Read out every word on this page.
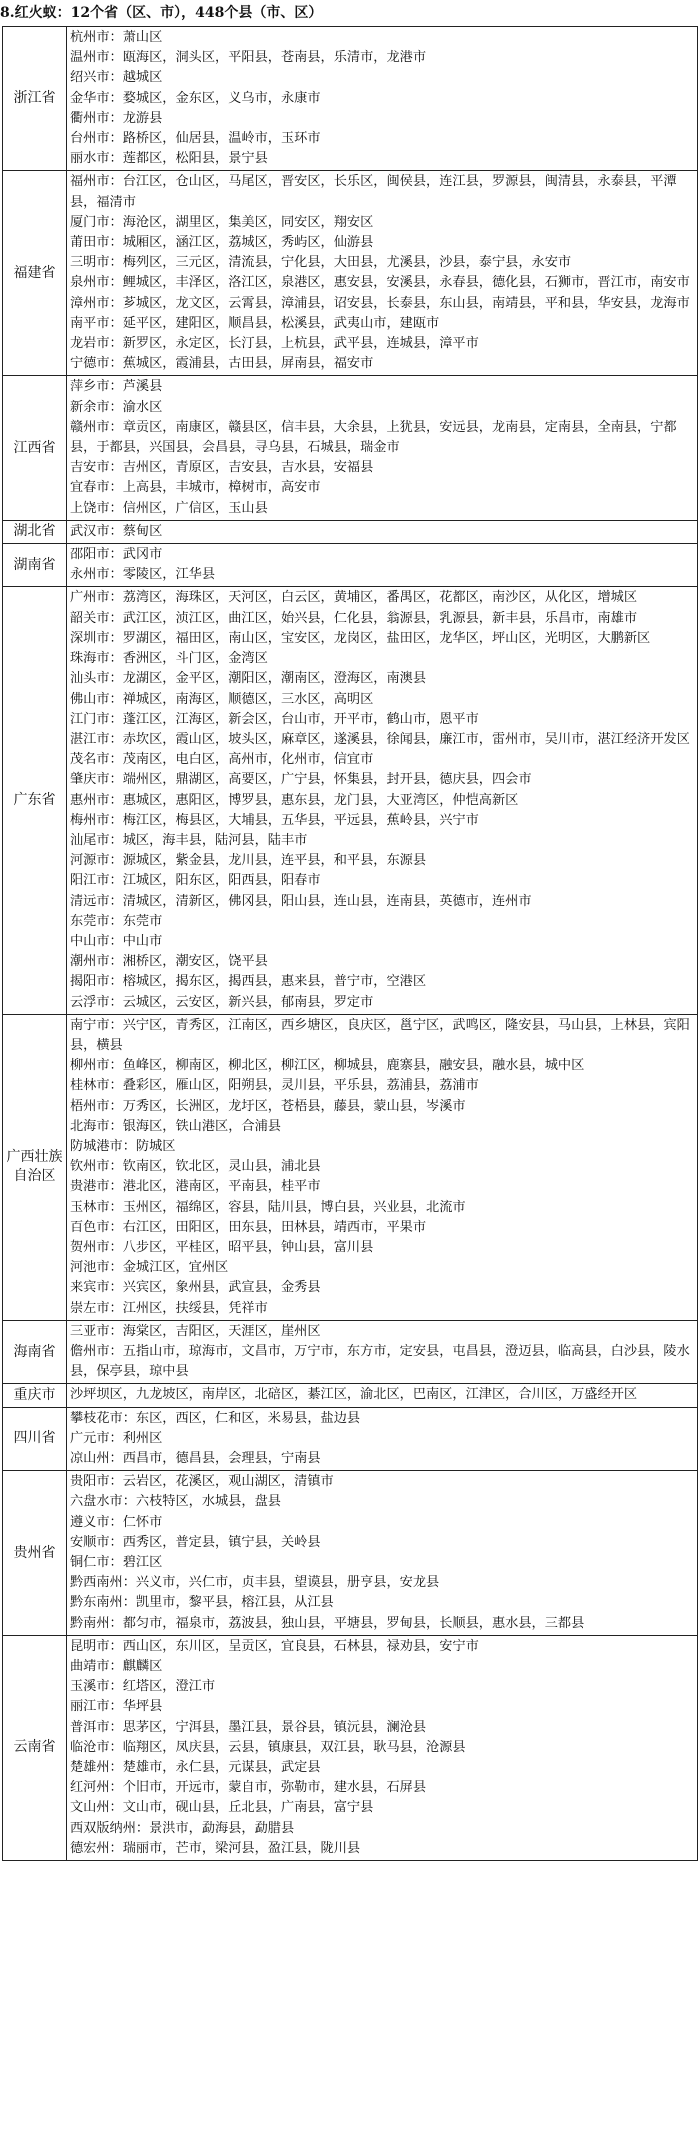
8.红火蚁：12个省（区、市），448个县（市、区）
浙江省
杭州市：萧山区
温州市：瓯海区，洞头区，平阳县，苍南县，乐清市，龙港市
绍兴市：越城区
金华市：婺城区，金东区，义乌市，永康市
衢州市：龙游县
台州市：路桥区，仙居县，温岭市，玉环市
丽水市：莲都区，松阳县，景宁县
福建省
福州市：台江区，仓山区，马尾区，晋安区，长乐区，闽侯县，连江县，罗源县，闽清县，永泰县，平潭县，福清市
厦门市：海沧区，湖里区，集美区，同安区，翔安区
莆田市：城厢区，涵江区，荔城区，秀屿区，仙游县
三明市：梅列区，三元区，清流县，宁化县，大田县，尤溪县，沙县，泰宁县，永安市
泉州市：鲤城区，丰泽区，洛江区，泉港区，惠安县，安溪县，永春县，德化县，石狮市，晋江市，南安市
漳州市：芗城区，龙文区，云霄县，漳浦县，诏安县，长泰县，东山县，南靖县，平和县，华安县，龙海市
南平市：延平区，建阳区，顺昌县，松溪县，武夷山市，建瓯市
龙岩市：新罗区，永定区，长汀县，上杭县，武平县，连城县，漳平市
宁德市：蕉城区，霞浦县，古田县，屏南县，福安市
江西省
萍乡市：芦溪县
新余市：渝水区
赣州市：章贡区，南康区，赣县区，信丰县，大余县，上犹县，安远县，龙南县，定南县，全南县，宁都县，于都县，兴国县，会昌县，寻乌县，石城县，瑞金市
吉安市：吉州区，青原区，吉安县，吉水县，安福县
宜春市：上高县，丰城市，樟树市，高安市
上饶市：信州区，广信区，玉山县
湖北省	武汉市：蔡甸区
湖南省
邵阳市：武冈市
永州市：零陵区，江华县
广东省
广州市：荔湾区，海珠区，天河区，白云区，黄埔区，番禺区，花都区，南沙区，从化区，增城区
韶关市：武江区，浈江区，曲江区，始兴县，仁化县，翁源县，乳源县，新丰县，乐昌市，南雄市
深圳市：罗湖区，福田区，南山区，宝安区，龙岗区，盐田区，龙华区，坪山区，光明区，大鹏新区
珠海市：香洲区，斗门区，金湾区
汕头市：龙湖区，金平区，潮阳区，潮南区，澄海区，南澳县
佛山市：禅城区，南海区，顺德区，三水区，高明区
江门市：蓬江区，江海区，新会区，台山市，开平市，鹤山市，恩平市
湛江市：赤坎区，霞山区，坡头区，麻章区，遂溪县，徐闻县，廉江市，雷州市，吴川市，湛江经济开发区
茂名市：茂南区，电白区，高州市，化州市，信宜市
肇庆市：端州区，鼎湖区，高要区，广宁县，怀集县，封开县，德庆县，四会市
惠州市：惠城区，惠阳区，博罗县，惠东县，龙门县，大亚湾区，仲恺高新区
梅州市：梅江区，梅县区，大埔县，五华县，平远县，蕉岭县，兴宁市
汕尾市：城区，海丰县，陆河县，陆丰市
河源市：源城区，紫金县，龙川县，连平县，和平县，东源县
阳江市：江城区，阳东区，阳西县，阳春市
清远市：清城区，清新区，佛冈县，阳山县，连山县，连南县，英德市，连州市
东莞市：东莞市
中山市：中山市
潮州市：湘桥区，潮安区，饶平县
揭阳市：榕城区，揭东区，揭西县，惠来县，普宁市，空港区
云浮市：云城区，云安区，新兴县，郁南县，罗定市
广西壮族自治区
南宁市：兴宁区，青秀区，江南区，西乡塘区，良庆区，邕宁区，武鸣区，隆安县，马山县，上林县，宾阳县，横县
柳州市：鱼峰区，柳南区，柳北区，柳江区，柳城县，鹿寨县，融安县，融水县，城中区
桂林市：叠彩区，雁山区，阳朔县，灵川县，平乐县，荔浦县，荔浦市
梧州市：万秀区，长洲区，龙圩区，苍梧县，藤县，蒙山县，岑溪市
北海市：银海区，铁山港区，合浦县
防城港市：防城区
钦州市：钦南区，钦北区，灵山县，浦北县
贵港市：港北区，港南区，平南县，桂平市
玉林市：玉州区，福绵区，容县，陆川县，博白县，兴业县，北流市
百色市：右江区，田阳区，田东县，田林县，靖西市，平果市
贺州市：八步区，平桂区，昭平县，钟山县，富川县
河池市：金城江区，宜州区
来宾市：兴宾区，象州县，武宣县，金秀县
崇左市：江州区，扶绥县，凭祥市
海南省
三亚市：海棠区，吉阳区，天涯区，崖州区
儋州市：五指山市，琼海市，文昌市，万宁市，东方市，定安县，屯昌县，澄迈县，临高县，白沙县，陵水县，保亭县，琼中县
重庆市	沙坪坝区，九龙坡区，南岸区，北碚区，綦江区，渝北区，巴南区，江津区，合川区，万盛经开区
四川省
攀枝花市：东区，西区，仁和区，米易县，盐边县
广元市：利州区
凉山州：西昌市，德昌县，会理县，宁南县
贵州省
贵阳市：云岩区，花溪区，观山湖区，清镇市
六盘水市：六枝特区，水城县，盘县
遵义市：仁怀市
安顺市：西秀区，普定县，镇宁县，关岭县
铜仁市：碧江区
黔西南州：兴义市，兴仁市，贞丰县，望谟县，册亨县，安龙县
黔东南州：凯里市，黎平县，榕江县，从江县
黔南州：都匀市，福泉市，荔波县，独山县，平塘县，罗甸县，长顺县，惠水县，三都县
云南省
昆明市：西山区，东川区，呈贡区，宜良县，石林县，禄劝县，安宁市
曲靖市：麒麟区
玉溪市：红塔区，澄江市
丽江市：华坪县
普洱市：思茅区，宁洱县，墨江县，景谷县，镇沅县，澜沧县
临沧市：临翔区，凤庆县，云县，镇康县，双江县，耿马县，沧源县
楚雄州：楚雄市，永仁县，元谋县，武定县
红河州：个旧市，开远市，蒙自市，弥勒市，建水县，石屏县
文山州：文山市，砚山县，丘北县，广南县，富宁县
西双版纳州：景洪市，勐海县，勐腊县
德宏州：瑞丽市，芒市，梁河县，盈江县，陇川县
